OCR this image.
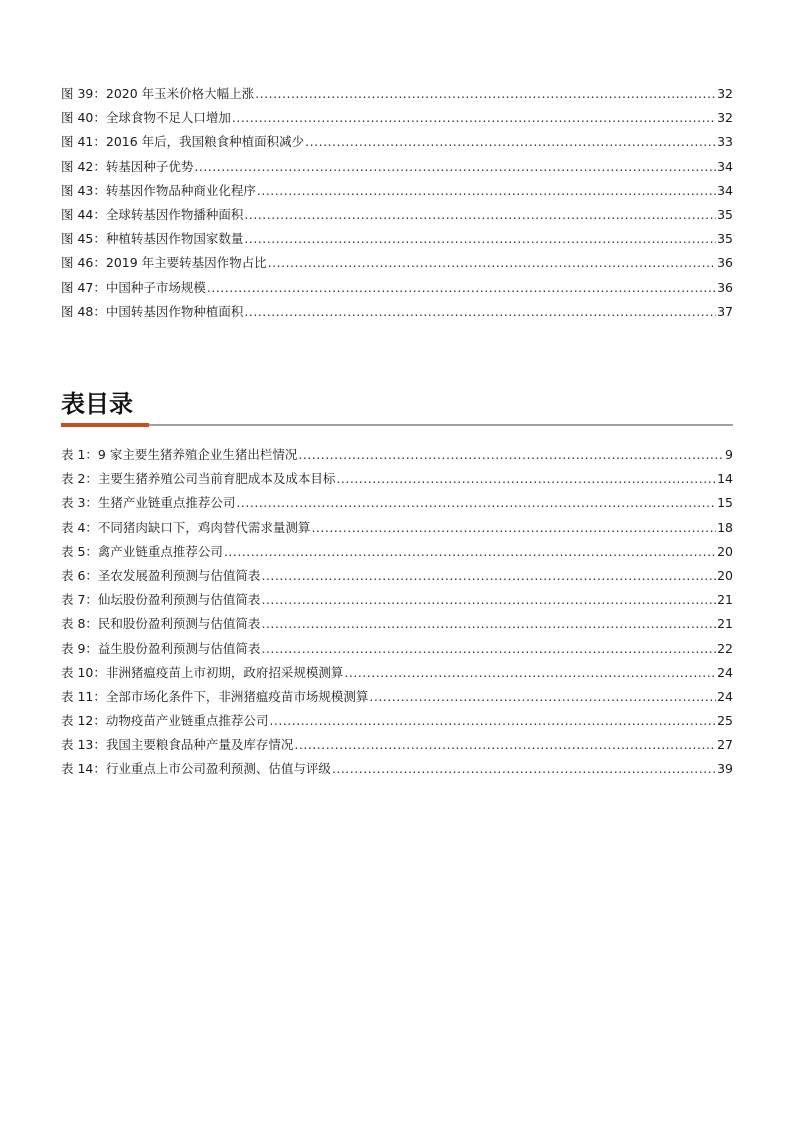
图 39：2020 年玉米价格大幅上涨 .....	32
图 40：全球食物不足人口增加 .....	32
图 41：2016 年后，我国粮食种植面积减少 .....	33
图 42：转基因种子优势 .....	34
图 43：转基因作物品种商业化程序 .....	34
图 44：全球转基因作物播种面积 .....	35
图 45：种植转基因作物国家数量 .....	35
图 46：2019 年主要转基因作物占比 .....	36
图 47：中国种子市场规模 .....	36
图 48：中国转基因作物种植面积 .....	37
表目录
表 1：9 家主要生猪养殖企业生猪出栏情况 .....	9
表 2：主要生猪养殖公司当前育肥成本及成本目标 .....	14
表 3：生猪产业链重点推荐公司 .....	15
表 4：不同猪肉缺口下，鸡肉替代需求量测算 .....	18
表 5：禽产业链重点推荐公司 .....	20
表 6：圣农发展盈利预测与估值简表 .....	20
表 7：仙坛股份盈利预测与估值简表 .....	21
表 8：民和股份盈利预测与估值简表 .....	21
表 9：益生股份盈利预测与估值简表 .....	22
表 10：非洲猪瘟疫苗上市初期，政府招采规模测算 .....	24
表 11：全部市场化条件下，非洲猪瘟疫苗市场规模测算 .....	24
表 12：动物疫苗产业链重点推荐公司 .....	25
表 13：我国主要粮食品种产量及库存情况 .....	27
表 14：行业重点上市公司盈利预测、估值与评级 .....	39
